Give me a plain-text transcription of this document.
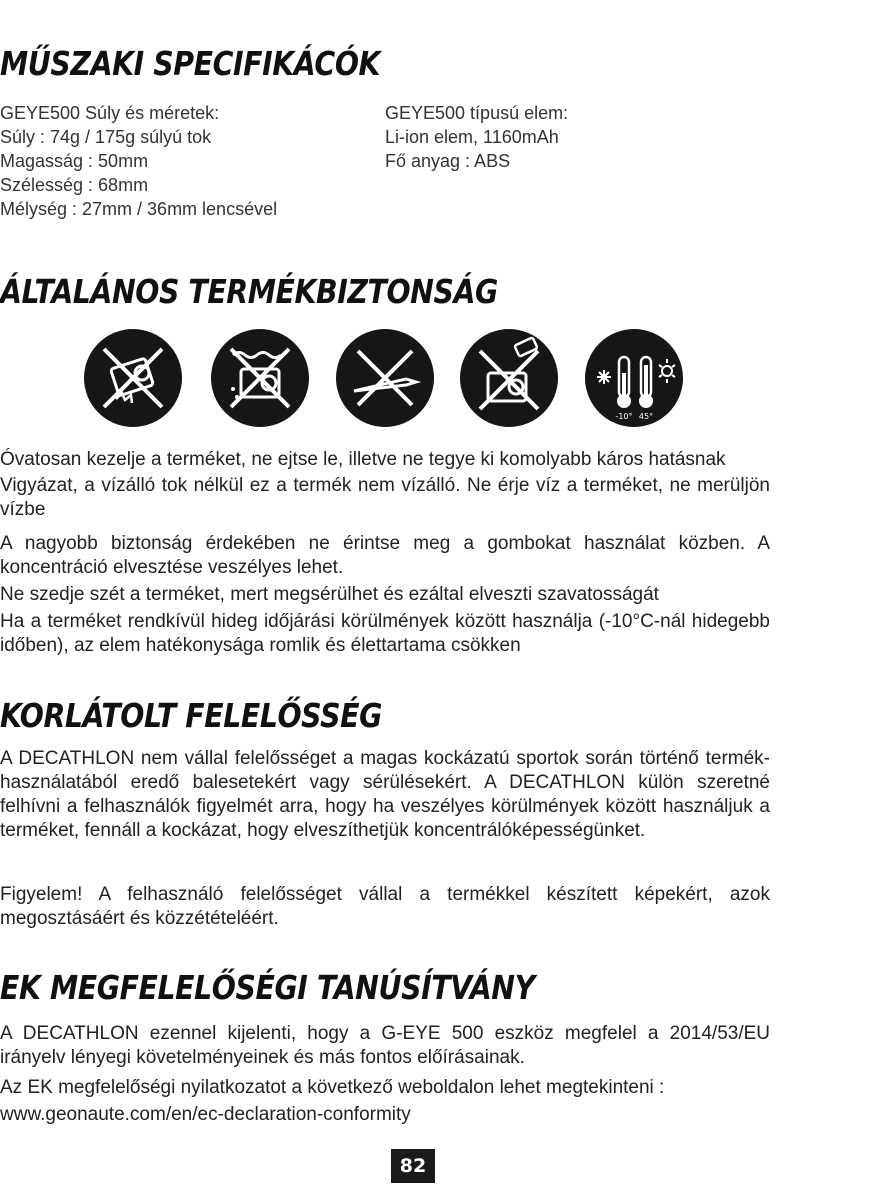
MŰSZAKI SPECIFIKÁCÓK
GEYE500 Súly és méretek:
Súly : 74g / 175g súlyú tok
Magasság : 50mm
Szélesség : 68mm
Mélység : 27mm / 36mm lencsével
GEYE500 típusú elem:
Li-ion elem, 1160mAh
Fő anyag : ABS
ÁLTALÁNOS TERMÉKBIZTONSÁG
-10° 45°

Óvatosan kezelje a terméket, ne ejtse le, illetve ne tegye ki komolyabb káros hatásnak

Vigyázat, a vízálló tok nélkül ez a termék nem vízálló. Ne érje víz a terméket, ne merüljön vízbe

A nagyobb biztonság érdekében ne érintse meg a gombokat használat közben. A koncentráció elvesztése veszélyes lehet.

Ne szedje szét a terméket, mert megsérülhet és ezáltal elveszti szavatosságát

Ha a terméket rendkívül hideg időjárási körülmények között használja (-10°C-nál hidegebb időben), az elem hatékonysága romlik és élettartama csökken

KORLÁTOLT FELELŐSSÉG

A DECATHLON nem vállal felelősséget a magas kockázatú sportok során történő termék- használatából eredő balesetekért vagy sérülésekért. A DECATHLON külön szeretné felhívni a felhasználók figyelmét arra, hogy ha veszélyes körülmények között használjuk a terméket, fennáll a kockázat, hogy elveszíthetjük koncentrálóképességünket.

Figyelem! A felhasználó felelősséget vállal a termékkel készített képekért, azok megosztásáért és közzétételéért.

EK MEGFELELŐSÉGI TANÚSÍTVÁNY

A DECATHLON ezennel kijelenti, hogy a G-EYE 500 eszköz megfelel a 2014/53/EU irányelv lényegi követelményeinek és más fontos előírásainak.

Az EK megfelelőségi nyilatkozatot a következő weboldalon lehet megtekinteni :

www.geonaute.com/en/ec-declaration-conformity

82
